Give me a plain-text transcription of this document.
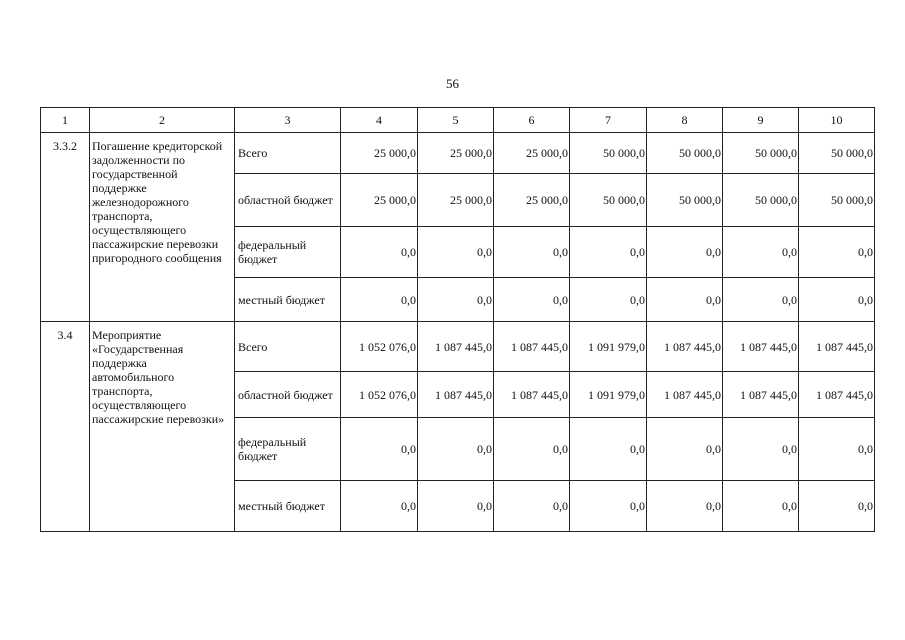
56
1	2	3	4	5	6	7	8	9	10
3.3.2	Погашение кредиторской задолженности по государственной поддержке железнодорожного транспорта, осуществляющего пассажирские перевозки пригородного сообщения	Всего	25 000,0	25 000,0	25 000,0	50 000,0	50 000,0	50 000,0	50 000,0
		областной бюджет	25 000,0	25 000,0	25 000,0	50 000,0	50 000,0	50 000,0	50 000,0
		федеральный бюджет	0,0	0,0	0,0	0,0	0,0	0,0	0,0
		местный бюджет	0,0	0,0	0,0	0,0	0,0	0,0	0,0
3.4	Мероприятие «Государственная поддержка автомобильного транспорта, осуществляющего пассажирские перевозки»	Всего	1 052 076,0	1 087 445,0	1 087 445,0	1 091 979,0	1 087 445,0	1 087 445,0	1 087 445,0
		областной бюджет	1 052 076,0	1 087 445,0	1 087 445,0	1 091 979,0	1 087 445,0	1 087 445,0	1 087 445,0
		федеральный бюджет	0,0	0,0	0,0	0,0	0,0	0,0	0,0
		местный бюджет	0,0	0,0	0,0	0,0	0,0	0,0	0,0
